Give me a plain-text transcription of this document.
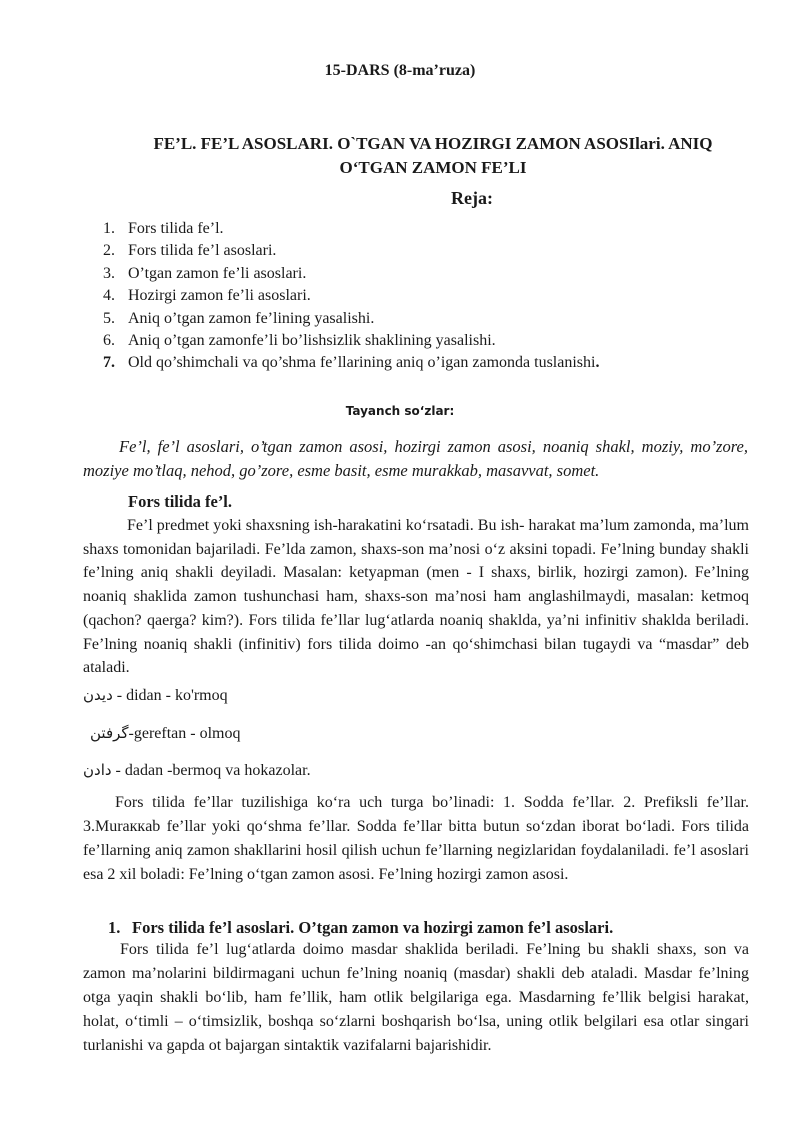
15-DARS (8-ma’ruza)
FE’L. FE’L ASOSLARI. O`TGAN VA HOZIRGI ZAMON ASOSIlari. ANIQ
O‘TGAN ZAMON FE’LI
Reja:
1. Fors tilida fe’l.
2. Fors tilida fe’l asoslari.
3. O’tgan zamon fe’li asoslari.
4. Hozirgi zamon fe’li asoslari.
5. Aniq o’tgan zamon fe’lining yasalishi.
6. Aniq o’tgan zamonfe’li bo’lishsizlik shaklining yasalishi.
7. Old qo’shimchali va qo’shma fe’llarining aniq o’igan zamonda tuslanishi.
Tayanch so‘zlar:
Fe’l, fe’l asoslari, o’tgan zamon asosi, hozirgi zamon asosi, noaniq shakl, moziy, mo’zore, moziye mo’tlaq, nehod, go’zore, esme basit, esme murakkab, masavvat, somet.
Fors tilida fe’l.
Fe’l predmet yoki shaxsning ish-harakatini ko‘rsatadi. Bu ish- harakat ma’lum zamonda, ma’lum shaxs tomonidan bajariladi. Fe’lda zamon, shaxs-son ma’nosi o‘z aksini topadi. Fe’lning bunday shakli fe’lning aniq shakli deyiladi. Masalan: ketyapman (men - I shaxs, birlik, hozirgi zamon). Fe’lning noaniq shaklida zamon tushunchasi ham, shaxs-son ma’nosi ham anglashilmaydi, masalan: ketmoq (qachon? qaerga? kim?). Fors tilida fe’llar lug‘atlarda noaniq shaklda, ya’ni infinitiv shaklda beriladi. Fe’lning noaniq shakli (infinitiv) fors tilida doimo -an qo‘shimchasi bilan tugaydi va “masdar” deb ataladi.
دیدن - didan - ko'rmoq
گرفتن-gereftan - olmoq
دادن - dadan -bermoq va hokazolar.
Fors tilida fe’llar tuzilishiga ko‘ra uch turga bo’linadi: 1. Sodda fe’llar. 2. Prefiksli fe’llar. 3.Muraккab fe’llar yoki qo‘shma fe’llar. Sodda fe’llar bitta butun so‘zdan iborat bo‘ladi. Fors tilida fe’llarning aniq zamon shakllarini hosil qilish uchun fe’llarning negizlaridan foydalaniladi. fe’l asoslari esa 2 xil boladi: Fe’lning o‘tgan zamon asosi. Fe’lning hozirgi zamon asosi.
1. Fors tilida fe’l asoslari. O’tgan zamon va hozirgi zamon fe’l asoslari.
Fors tilida fe’l lug‘atlarda doimo masdar shaklida beriladi. Fe’lning bu shakli shaxs, son va zamon ma’nolarini bildirmagani uchun fe’lning noaniq (masdar) shakli deb ataladi. Masdar fe’lning otga yaqin shakli bo‘lib, ham fe’llik, ham otlik belgilariga ega. Masdarning fe’llik belgisi harakat, holat, o‘timli – o‘timsizlik, boshqa so‘zlarni boshqarish bo‘lsa, uning otlik belgilari esa otlar singari turlanishi va gapda ot bajargan sintaktik vazifalarni bajarishidir.
